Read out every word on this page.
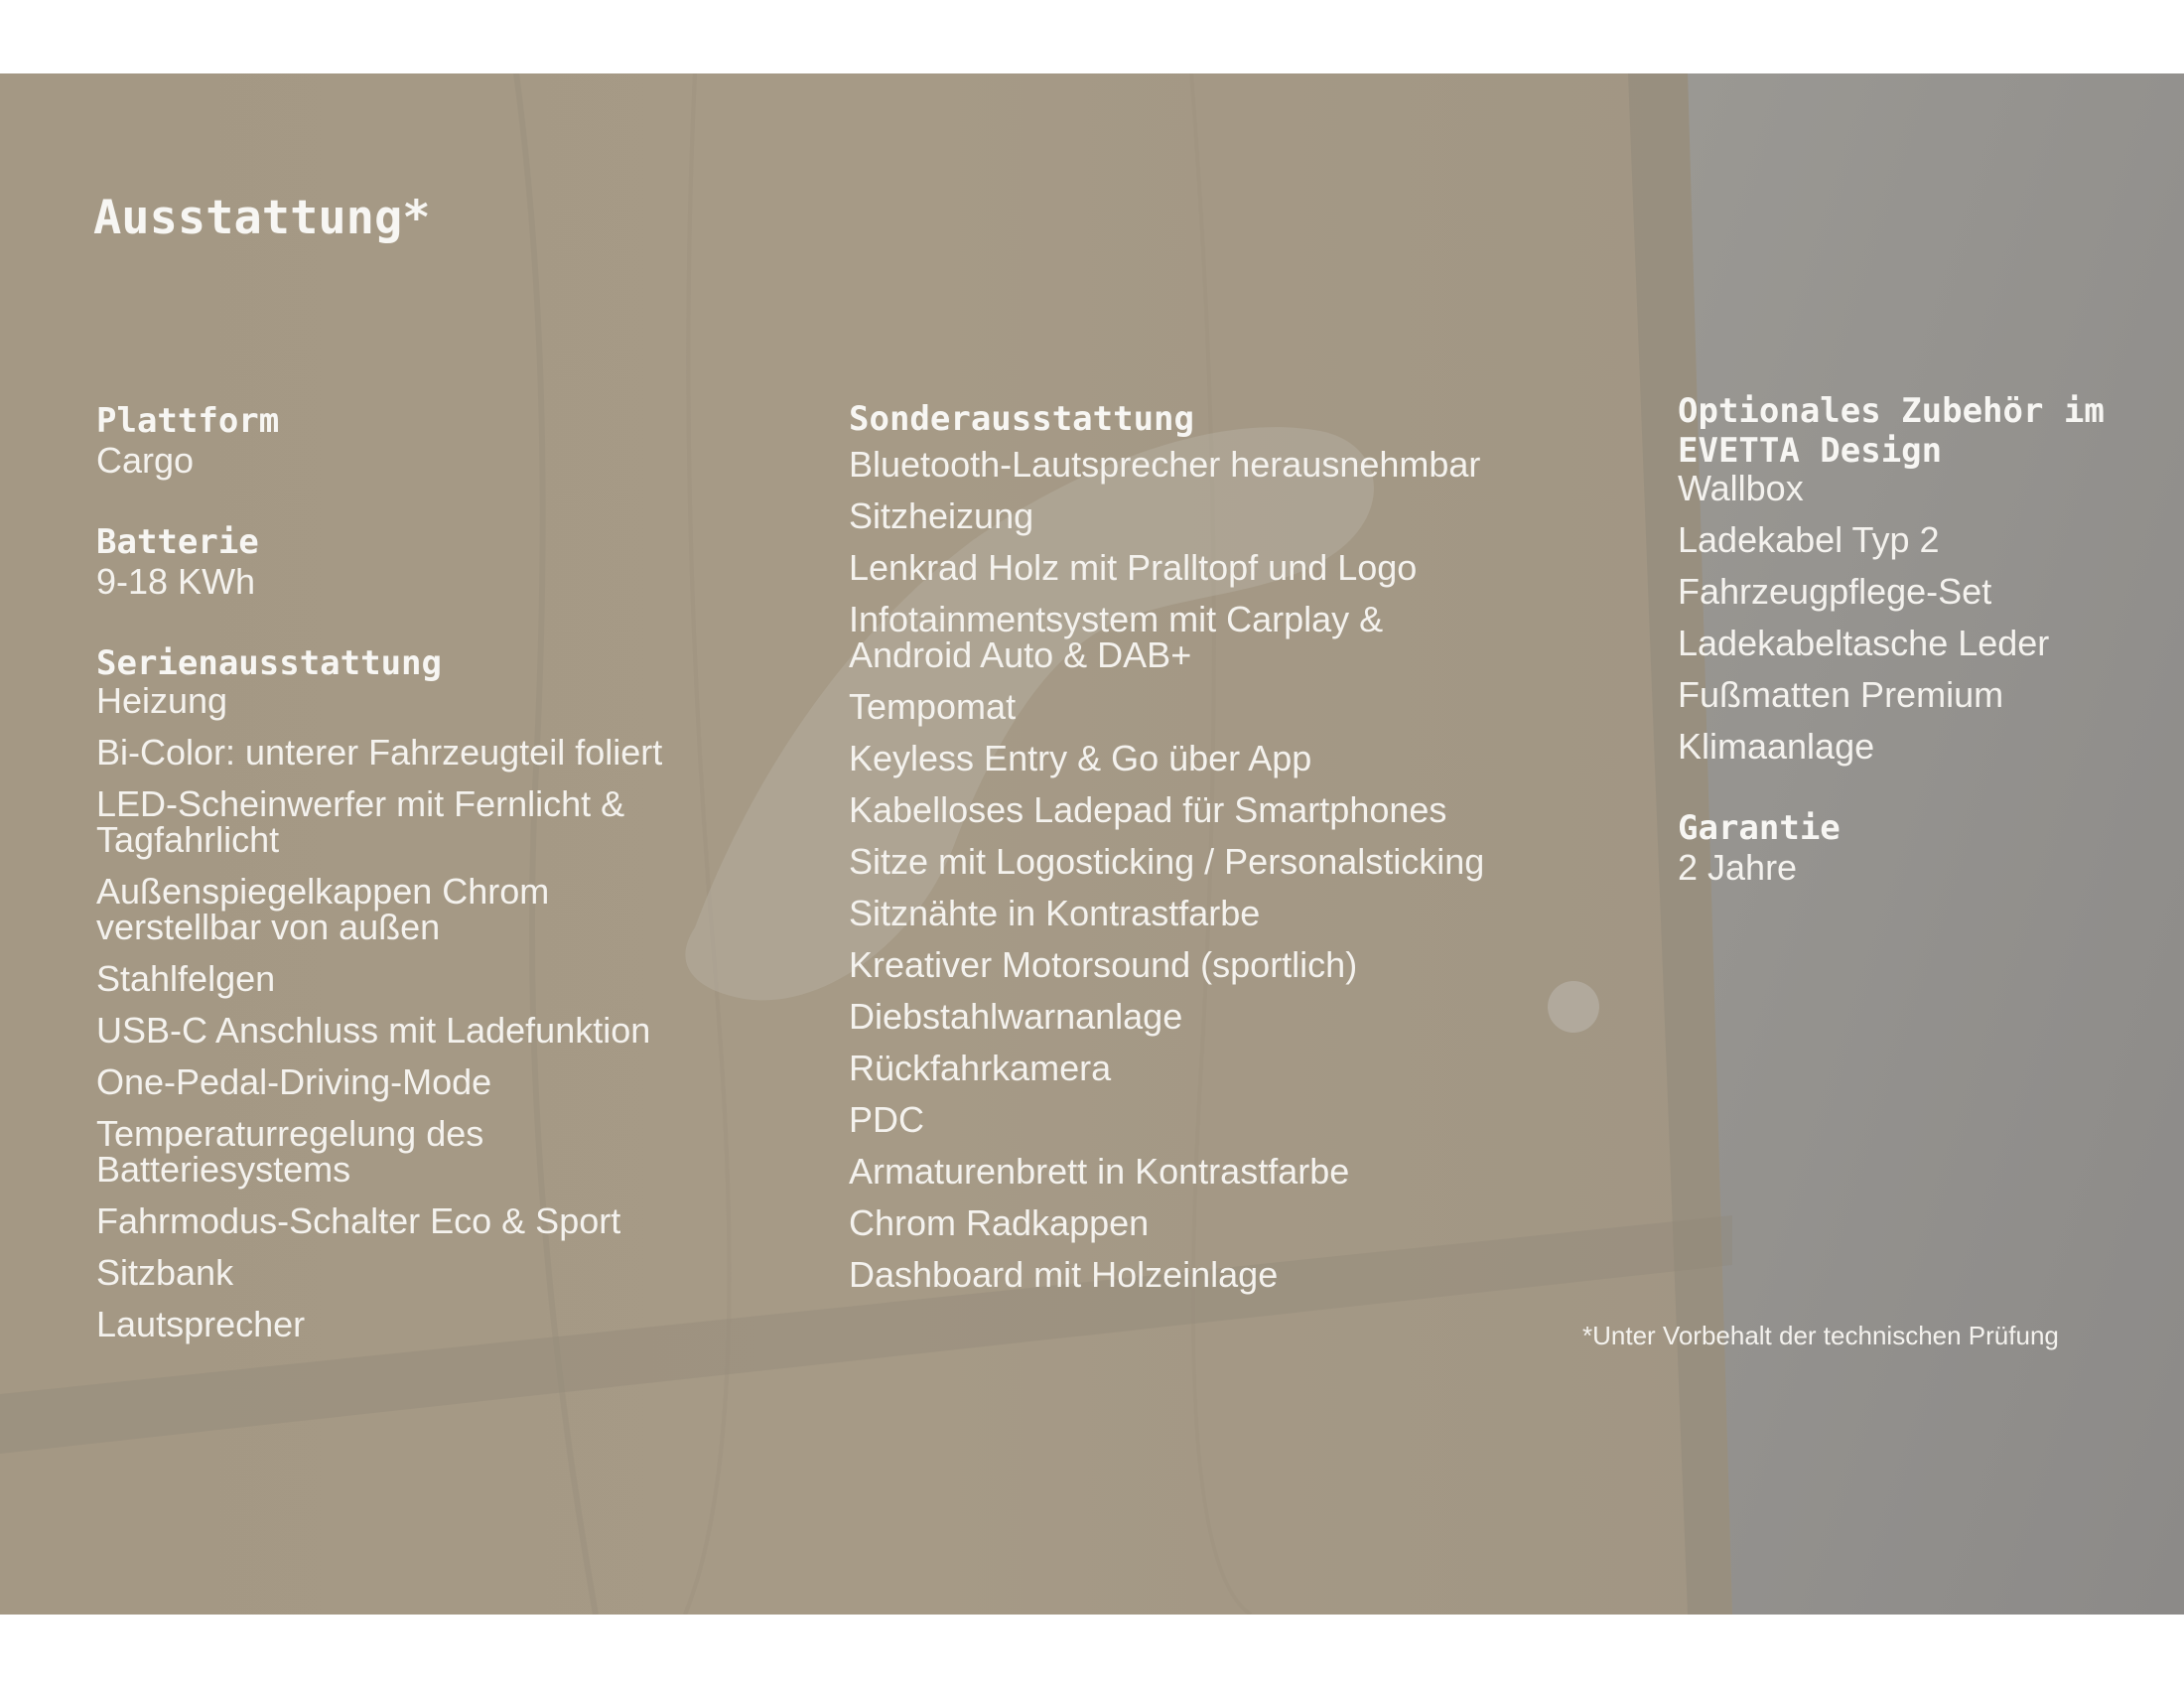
Ausstattung*
Plattform

Cargo

Batterie

9-18 KWh

Serienausstattung
Heizung
Bi-Color: unterer Fahrzeugteil foliert
LED-Scheinwerfer mit Fernlicht & Tagfahrlicht
Außenspiegelkappen Chrom verstellbar von außen
Stahlfelgen
USB-C Anschluss mit Ladefunktion
One-Pedal-Driving-Mode
Temperaturregelung des Batteriesystems
Fahrmodus-Schalter Eco & Sport
Sitzbank
Lautsprecher
Sonderausstattung
Bluetooth-Lautsprecher herausnehmbar
Sitzheizung
Lenkrad Holz mit Pralltopf und Logo
Infotainmentsystem mit Carplay & Android Auto & DAB+
Tempomat
Keyless Entry & Go über App
Kabelloses Ladepad für Smartphones
Sitze mit Logosticking / Personalsticking
Sitznähte in Kontrastfarbe
Kreativer Motorsound (sportlich)
Diebstahlwarnanlage
Rückfahrkamera
PDC
Armaturenbrett in Kontrastfarbe
Chrom Radkappen
Dashboard mit Holzeinlage
Optionales Zubehör im EVETTA Design
Wallbox
Ladekabel Typ 2
Fahrzeugpflege-Set
Ladekabeltasche Leder
Fußmatten Premium
Klimaanlage
Garantie

2 Jahre

*Unter Vorbehalt der technischen Prüfung
